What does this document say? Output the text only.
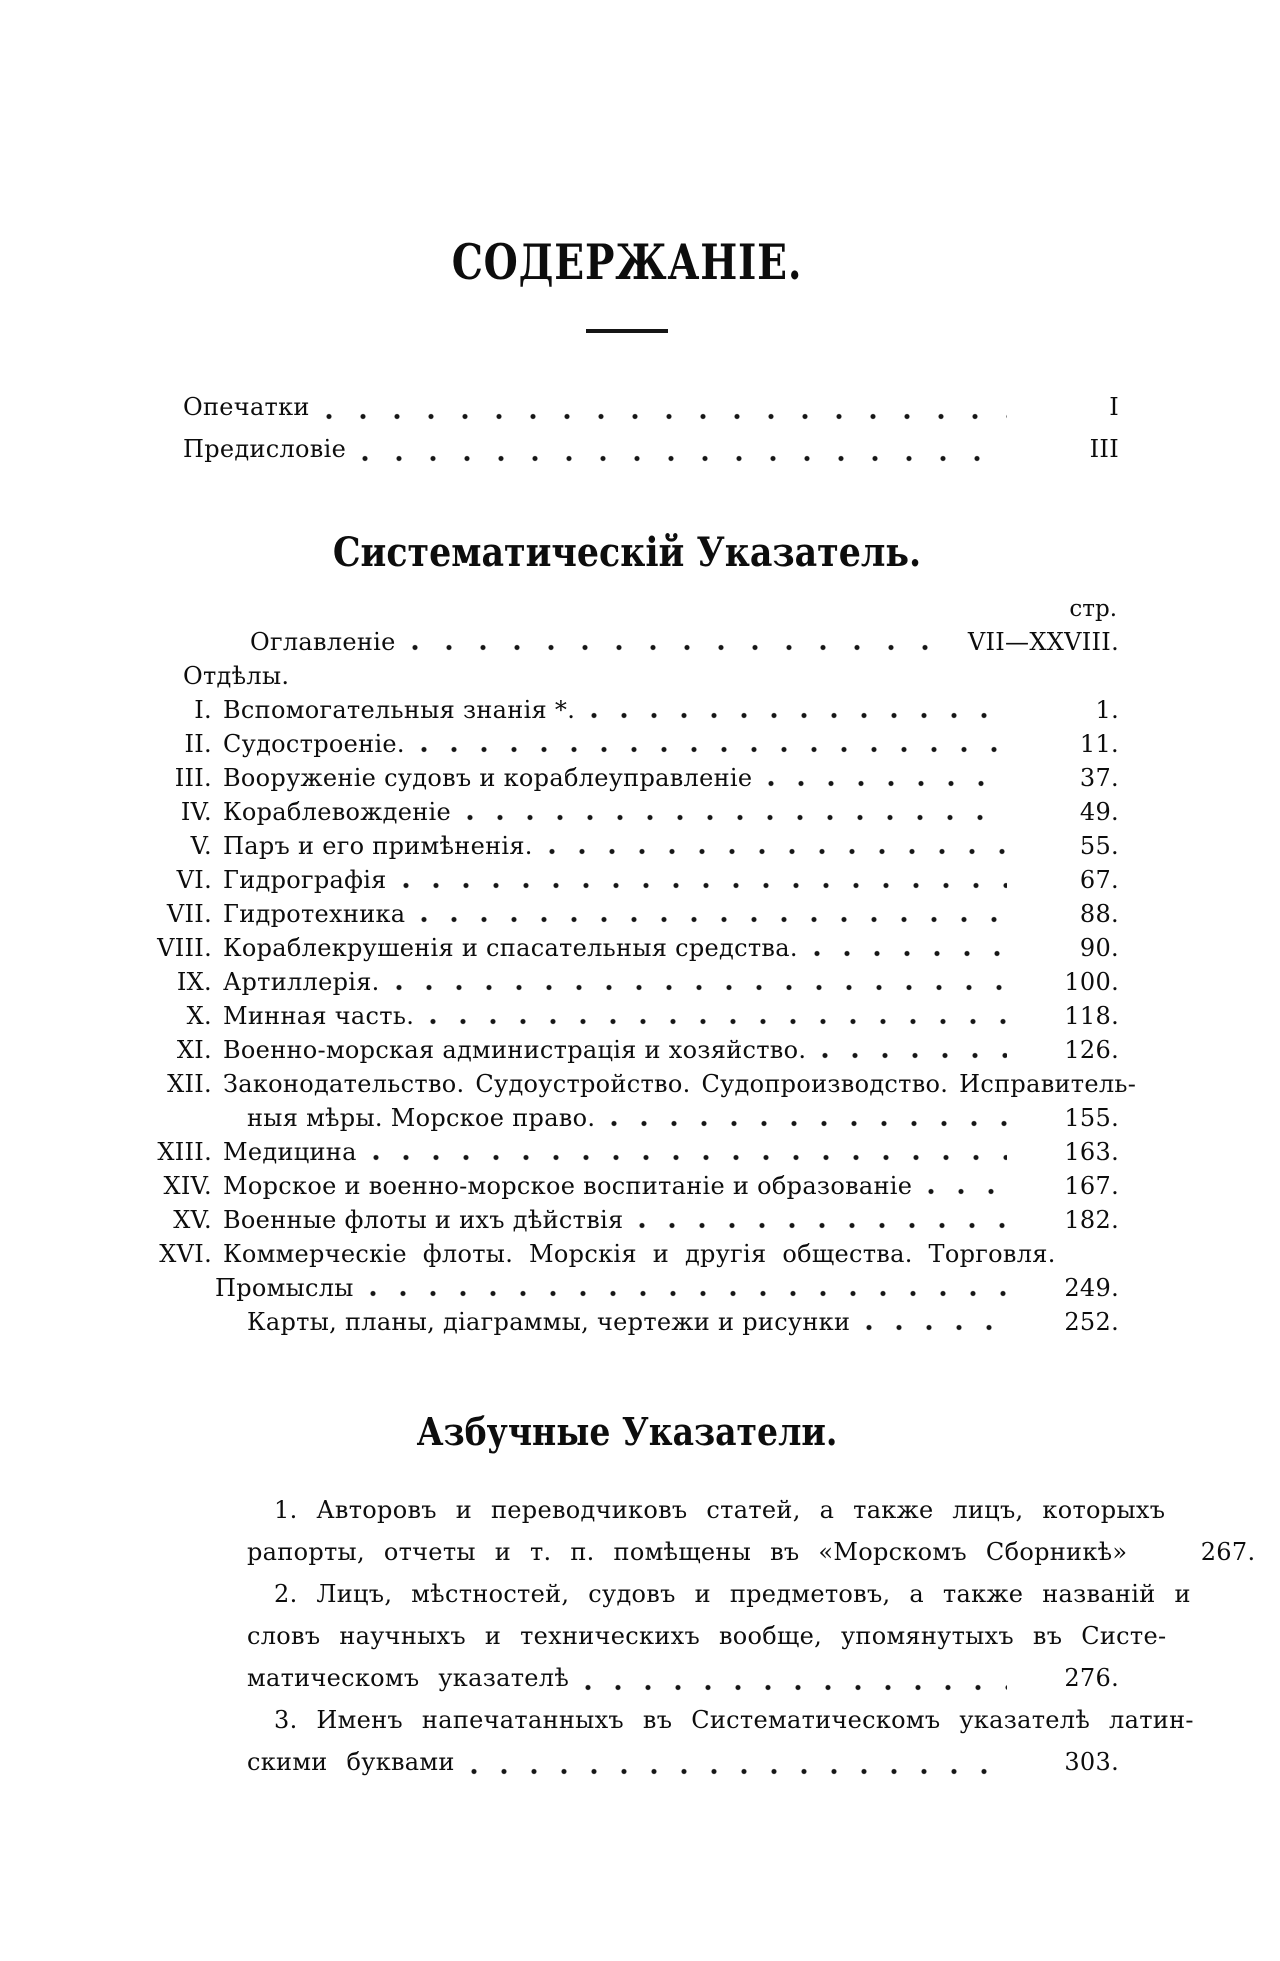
СОДЕРЖАНІЕ.
Опечатки	I
Предисловіе	III
Систематическій Указатель.
стр.
Оглавленіе	VII—XXVIII.
Отдѣлы.
I. Вспомогательныя знанія *.	1.
II. Судостроеніе.	11.
III. Вооруженіе судовъ и кораблеуправленіе	37.
IV. Кораблевожденіе	49.
V. Паръ и его примѣненія.	55.
VI. Гидрографія	67.
VII. Гидротехника	88.
VIII. Кораблекрушенія и спасательныя средства.	90.
IX. Артиллерія.	100.
X. Минная часть.	118.
XI. Военно-морская администрація и хозяйство.	126.
XII. Законодательство. Судоустройство. Судопроизводство. Исправитель-
ныя мѣры. Морское право.	155.
XIII. Медицина	163.
XIV. Морское и военно-морское воспитаніе и образованіе	167.
XV. Военные флоты и ихъ дѣйствія	182.
XVI. Коммерческіе флоты. Морскія и другія общества. Торговля.
Промыслы	249.
Карты, планы, діаграммы, чертежи и рисунки	252.
Азбучные Указатели.
1. Авторовъ и переводчиковъ статей, а также лицъ, которыхъ
рапорты, отчеты и т. п. помѣщены въ «Морскомъ Сборникѣ»	267.
2. Лицъ, мѣстностей, судовъ и предметовъ, а также названій и
словъ научныхъ и техническихъ вообще, упомянутыхъ въ Систе-
матическомъ указателѣ	276.
3. Именъ напечатанныхъ въ Систематическомъ указателѣ латин-
скими буквами	303.
